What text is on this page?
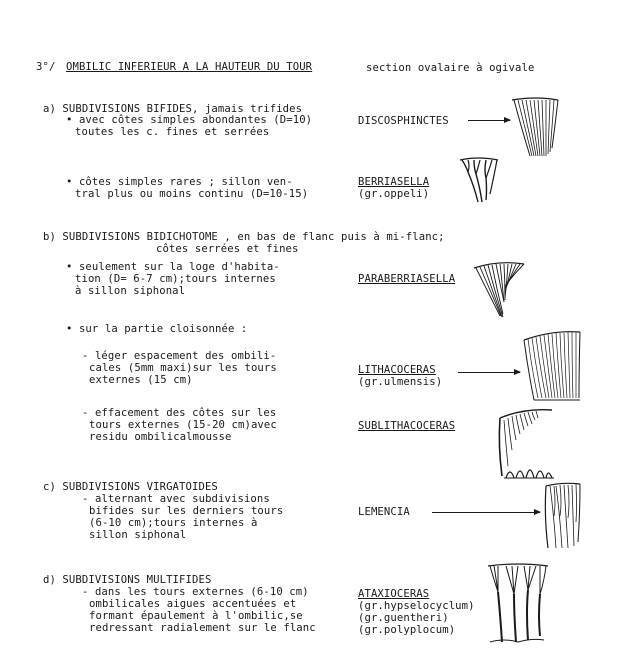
3°/ OMBILIC INFERIEUR A LA HAUTEUR DU TOUR	section ovalaire à ogivale
a) SUBDIVISIONS BIFIDES, jamais trifides
• avec côtes simples abondantes (D=10)
toutes les c. fines et serrées
DISCOSPHINCTES
• côtes simples rares ; sillon ven-
tral plus ou moins continu (D=10-15)
BERRIASELLA
(gr.oppeli)
b) SUBDIVISIONS BIDICHOTOME , en bas de flanc puis à mi-flanc;
côtes serrées et fines
• seulement sur la loge d'habita-
tion (D= 6-7 cm);tours internes
à sillon siphonal
PARABERRIASELLA
• sur la partie cloisonnée :
- léger espacement des ombili-
cales (5mm maxi)sur les tours
externes (15 cm)
LITHACOCERAS
(gr.ulmensis)
- effacement des côtes sur les
tours externes (15-20 cm)avec
residu ombilicalmousse
SUBLITHACOCERAS
c) SUBDIVISIONS VIRGATOIDES
- alternant avec subdivisions
bifides sur les derniers tours
(6-10 cm);tours internes à
sillon siphonal
LEMENCIA
d) SUBDIVISIONS MULTIFIDES
- dans les tours externes (6-10 cm)
ombilicales aigues accentuées et
formant épaulement à l'ombilic,se
redressant radialement sur le flanc
ATAXIOCERAS
(gr.hypselocyclum)
(gr.guentheri)
(gr.polyplocum)
